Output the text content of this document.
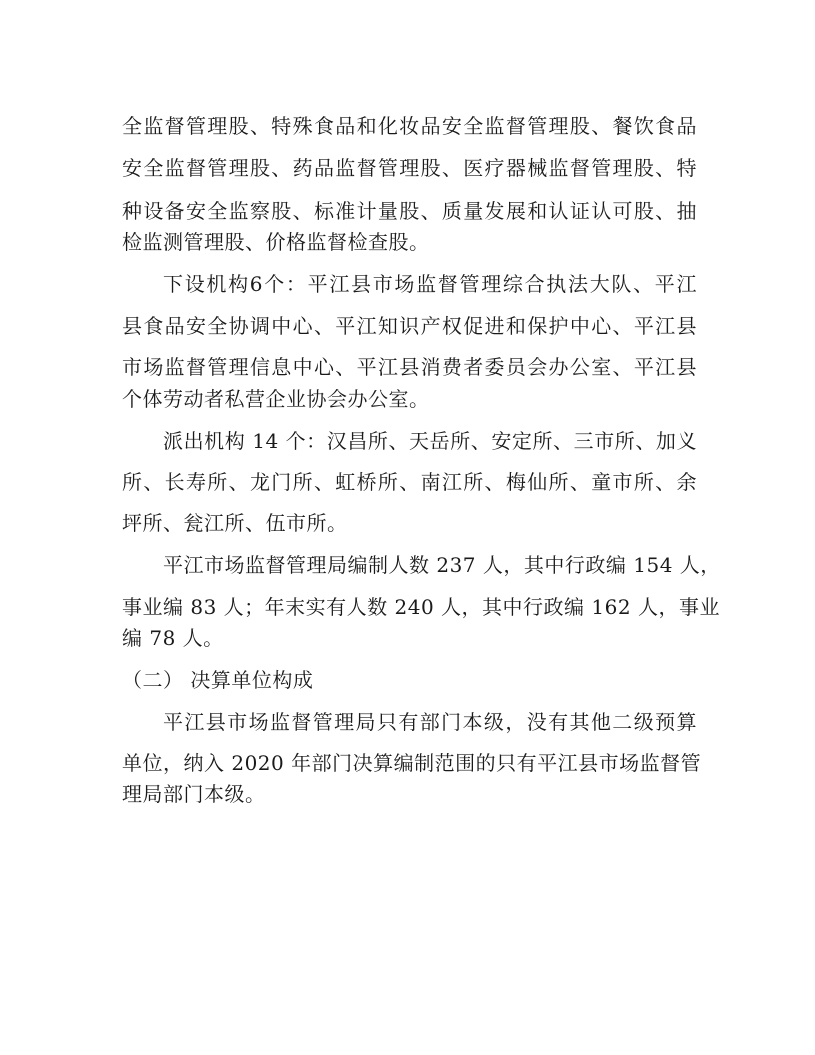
全监督管理股、特殊食品和化妆品安全监督管理股、餐饮食品
安全监督管理股、药品监督管理股、医疗器械监督管理股、特
种设备安全监察股、标准计量股、质量发展和认证认可股、抽
检监测管理股、价格监督检查股。
下设机构6个：平江县市场监督管理综合执法大队、平江
县食品安全协调中心、平江知识产权促进和保护中心、平江县
市场监督管理信息中心、平江县消费者委员会办公室、平江县
个体劳动者私营企业协会办公室。
派出机构 14 个：汉昌所、天岳所、安定所、三市所、加义
所、长寿所、龙门所、虹桥所、南江所、梅仙所、童市所、余
坪所、瓮江所、伍市所。
平江市场监督管理局编制人数 237 人，其中行政编 154 人，
事业编 83 人；年末实有人数 240 人，其中行政编 162 人，事业
编 78 人。
（二） 决算单位构成
平江县市场监督管理局只有部门本级，没有其他二级预算
单位，纳入 2020 年部门决算编制范围的只有平江县市场监督管
理局部门本级。
